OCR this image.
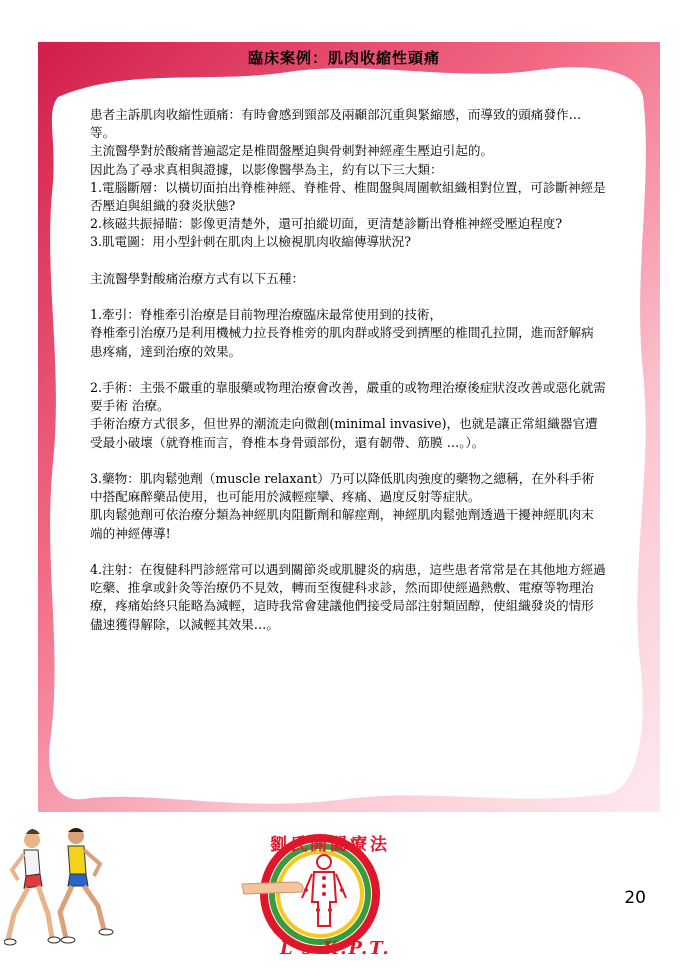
臨床案例：肌肉收縮性頭痛

患者主訴肌肉收縮性頭痛：有時會感到頸部及兩顳部沉重與緊縮感，而導致的頭痛發作…等。

主流醫學對於酸痛普遍認定是椎間盤壓迫與骨刺對神經產生壓迫引起的。

因此為了尋求真相與證據，以影像醫學為主，約有以下三大類：

1.電腦斷層：以橫切面拍出脊椎神經、脊椎骨、椎間盤與周圍軟組織相對位置，可診斷神經是否壓迫與組織的發炎狀態?

2.核磁共振掃瞄：影像更清楚外，還可拍縱切面，更清楚診斷出脊椎神經受壓迫程度?

3.肌電圖：用小型針刺在肌肉上以檢視肌肉收縮傳導狀況?

主流醫學對酸痛治療方式有以下五種：

1.牽引：脊椎牽引治療是目前物理治療臨床最常使用到的技術，

脊椎牽引治療乃是利用機械力拉長脊椎旁的肌肉群或將受到擠壓的椎間孔拉開，進而舒解病患疼痛，達到治療的效果。

2.手術：主張不嚴重的靠服藥或物理治療會改善，嚴重的或物理治療後症狀沒改善或惡化就需要手術 治療。

手術治療方式很多，但世界的潮流走向微創(minimal invasive)，也就是讓正常組織器官遭受最小破壞（就脊椎而言，脊椎本身骨頭部份，還有韌帶、筋膜 …。）。

3.藥物：肌肉鬆弛劑（muscle relaxant）乃可以降低肌肉強度的藥物之總稱，在外科手術中搭配麻醉藥品使用，也可能用於減輕痙攣、疼痛、過度反射等症狀。

肌肉鬆弛劑可依治療分類為神經肌肉阻斷劑和解痙劑，神經肌肉鬆弛劑透過干擾神經肌肉末端的神經傳導!

4.注射：在復健科門診經常可以遇到關節炎或肌腱炎的病患，這些患者常常是在其他地方經過吃藥、推拿或針灸等治療仍不見效，轉而至復健科求診，然而即使經過熱敷、電療等物理治療，疼痛始終只能略為減輕，這時我常會建議他們接受局部注射類固醇，使組織發炎的情形儘速獲得解除，以減輕其效果…。

劉氏開闔療法
L's K.P.T.
20
